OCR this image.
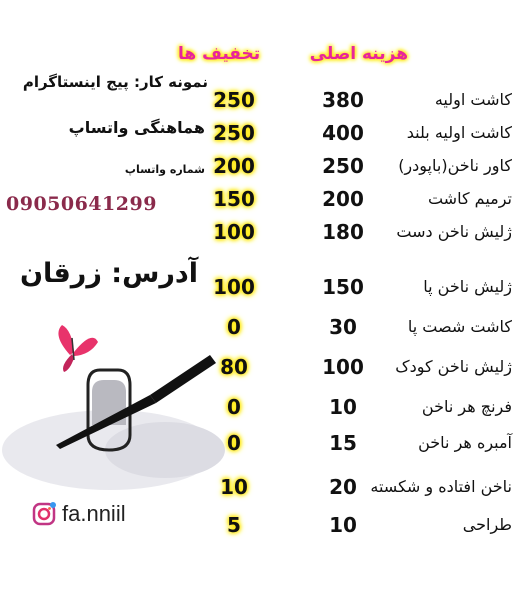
هزینه اصلی
تخفیف ها
کاشت اولیه
380
250
کاشت اولیه بلند
400
250
کاور ناخن(باپودر)
250
200
ترمیم کاشت
200
150
ژلیش ناخن دست
180
100
ژلیش ناخن پا
150
100
کاشت شصت پا
30
0
ژلیش ناخن کودک
100
80
فرنچ هر ناخن
10
0
آمبره هر ناخن
15
0
ناخن افتاده و شکسته
20
10
طراحی
10
5
نمونه کار: پیج اینستاگرام
هماهنگی واتساپ
شماره واتساپ
09050641299
آدرس: زرقان
fa.nniil
